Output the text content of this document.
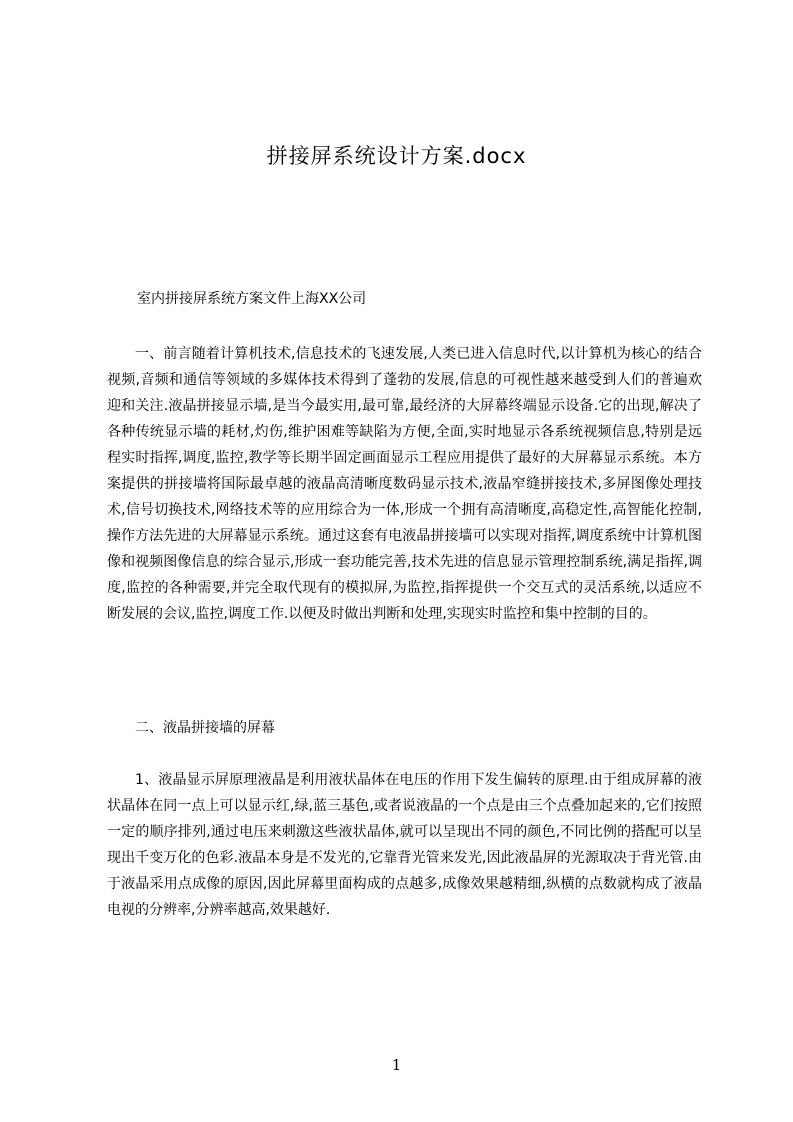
拼接屏系统设计方案.docx
室内拼接屏系统方案文件上海XX公司

一、前言随着计算机技术,信息技术的飞速发展,人类已进入信息时代,以计算机为核心的结合视频,音频和通信等领域的多媒体技术得到了蓬勃的发展,信息的可视性越来越受到人们的普遍欢迎和关注.液晶拼接显示墙,是当今最实用,最可靠,最经济的大屏幕终端显示设备.它的出现,解决了各种传统显示墙的耗材,灼伤,维护困难等缺陷为方便,全面,实时地显示各系统视频信息,特别是远程实时指挥,调度,监控,教学等长期半固定画面显示工程应用提供了最好的大屏幕显示系统。本方案提供的拼接墙将国际最卓越的液晶高清晰度数码显示技术,液晶窄缝拼接技术,多屏图像处理技术,信号切换技术,网络技术等的应用综合为一体,形成一个拥有高清晰度,高稳定性,高智能化控制,操作方法先进的大屏幕显示系统。通过这套有电液晶拼接墙可以实现对指挥,调度系统中计算机图像和视频图像信息的综合显示,形成一套功能完善,技术先进的信息显示管理控制系统,满足指挥,调度,监控的各种需要,并完全取代现有的模拟屏,为监控,指挥提供一个交互式的灵活系统,以适应不断发展的会议,监控,调度工作.以便及时做出判断和处理,实现实时监控和集中控制的目的。

二、液晶拼接墙的屏幕

1、液晶显示屏原理液晶是利用液状晶体在电压的作用下发生偏转的原理.由于组成屏幕的液状晶体在同一点上可以显示红,绿,蓝三基色,或者说液晶的一个点是由三个点叠加起来的,它们按照一定的顺序排列,通过电压来刺激这些液状晶体,就可以呈现出不同的颜色,不同比例的搭配可以呈现出千变万化的色彩.液晶本身是不发光的,它靠背光管来发光,因此液晶屏的光源取决于背光管.由于液晶采用点成像的原因,因此屏幕里面构成的点越多,成像效果越精细,纵横的点数就构成了液晶电视的分辨率,分辨率越高,效果越好.

1
